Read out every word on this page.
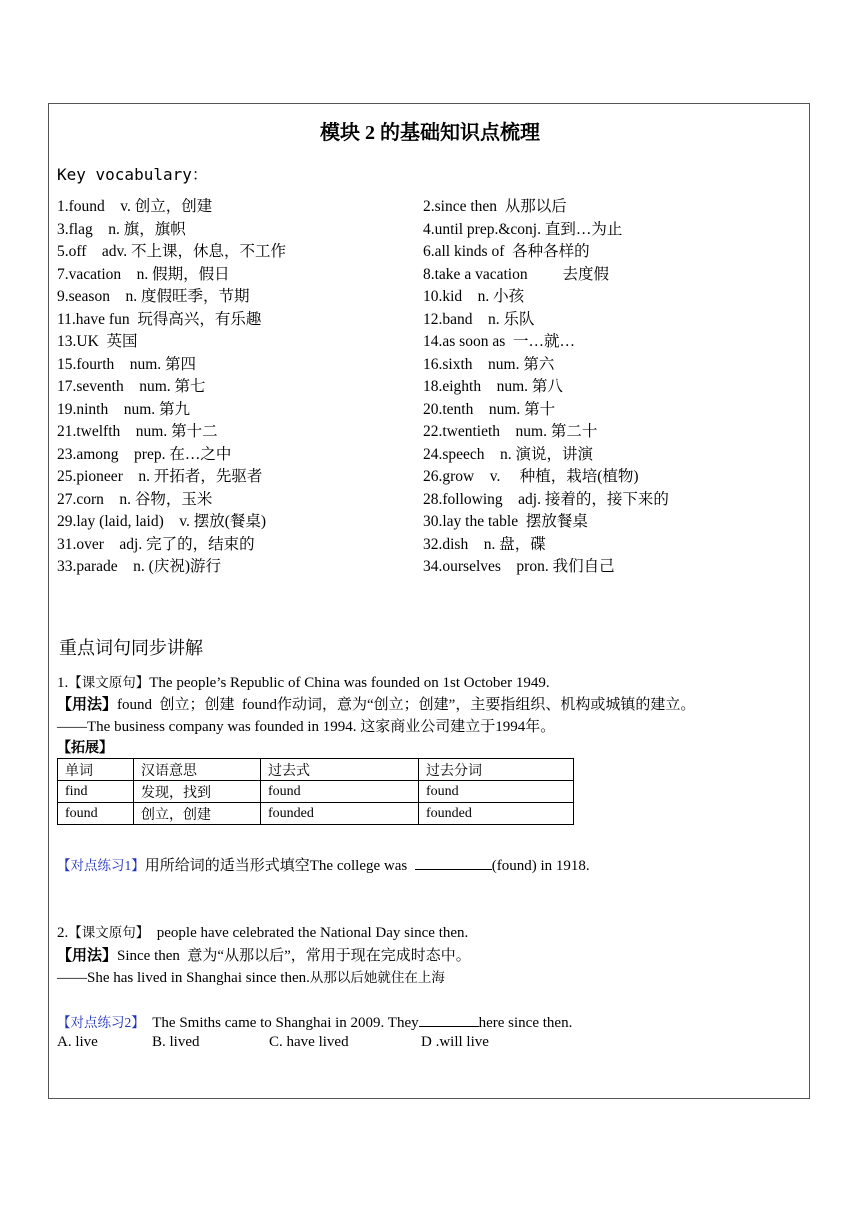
模块 2 的基础知识点梳理
Key vocabulary：
1.found    v. 创立，创建
3.flag    n. 旗，旗帜
5.off    adv. 不上课，休息，不工作
7.vacation    n. 假期，假日
9.season    n. 度假旺季，节期
11.have fun  玩得高兴，有乐趣
13.UK  英国
15.fourth    num. 第四
17.seventh    num. 第七
19.ninth    num. 第九
21.twelfth    num. 第十二
23.among    prep. 在…之中
25.pioneer    n. 开拓者，先驱者
27.corn    n. 谷物，玉米
29.lay (laid, laid)    v. 摆放(餐桌)
31.over    adj. 完了的，结束的
33.parade    n. (庆祝)游行
2.since then  从那以后
4.until prep.&conj. 直到…为止
6.all kinds of  各种各样的
8.take a vacation         去度假
10.kid    n. 小孩
12.band    n. 乐队
14.as soon as  一…就…
16.sixth    num. 第六
18.eighth    num. 第八
20.tenth    num. 第十
22.twentieth    num. 第二十
24.speech    n. 演说，讲演
26.grow    v.     种植，栽培(植物)
28.following    adj. 接着的，接下来的
30.lay the table  摆放餐桌
32.dish    n. 盘，碟
34.ourselves    pron. 我们自己
重点词句同步讲解
1.【课文原句】The people’s Republic of China was founded on 1st October 1949.
【用法】found  创立；创建  found作动词，意为“创立；创建”，主要指组织、机构或城镇的建立。
——The business company was founded in 1994. 这家商业公司建立于1994年。
【拓展】
单词	汉语意思	过去式	过去分词
find	发现，找到	found	found
found	创立，创建	founded	founded
【对点练习1】用所给词的适当形式填空The college was	(found) in 1918.
2.【课文原句】  people have celebrated the National Day since then.
【用法】Since then  意为“从那以后”，常用于现在完成时态中。
——She has lived in Shanghai since then.从那以后她就住在上海
【对点练习2】  The Smiths came to Shanghai in 2009. They	here since then.
A. live	B. lived	C. have lived	D .will live
